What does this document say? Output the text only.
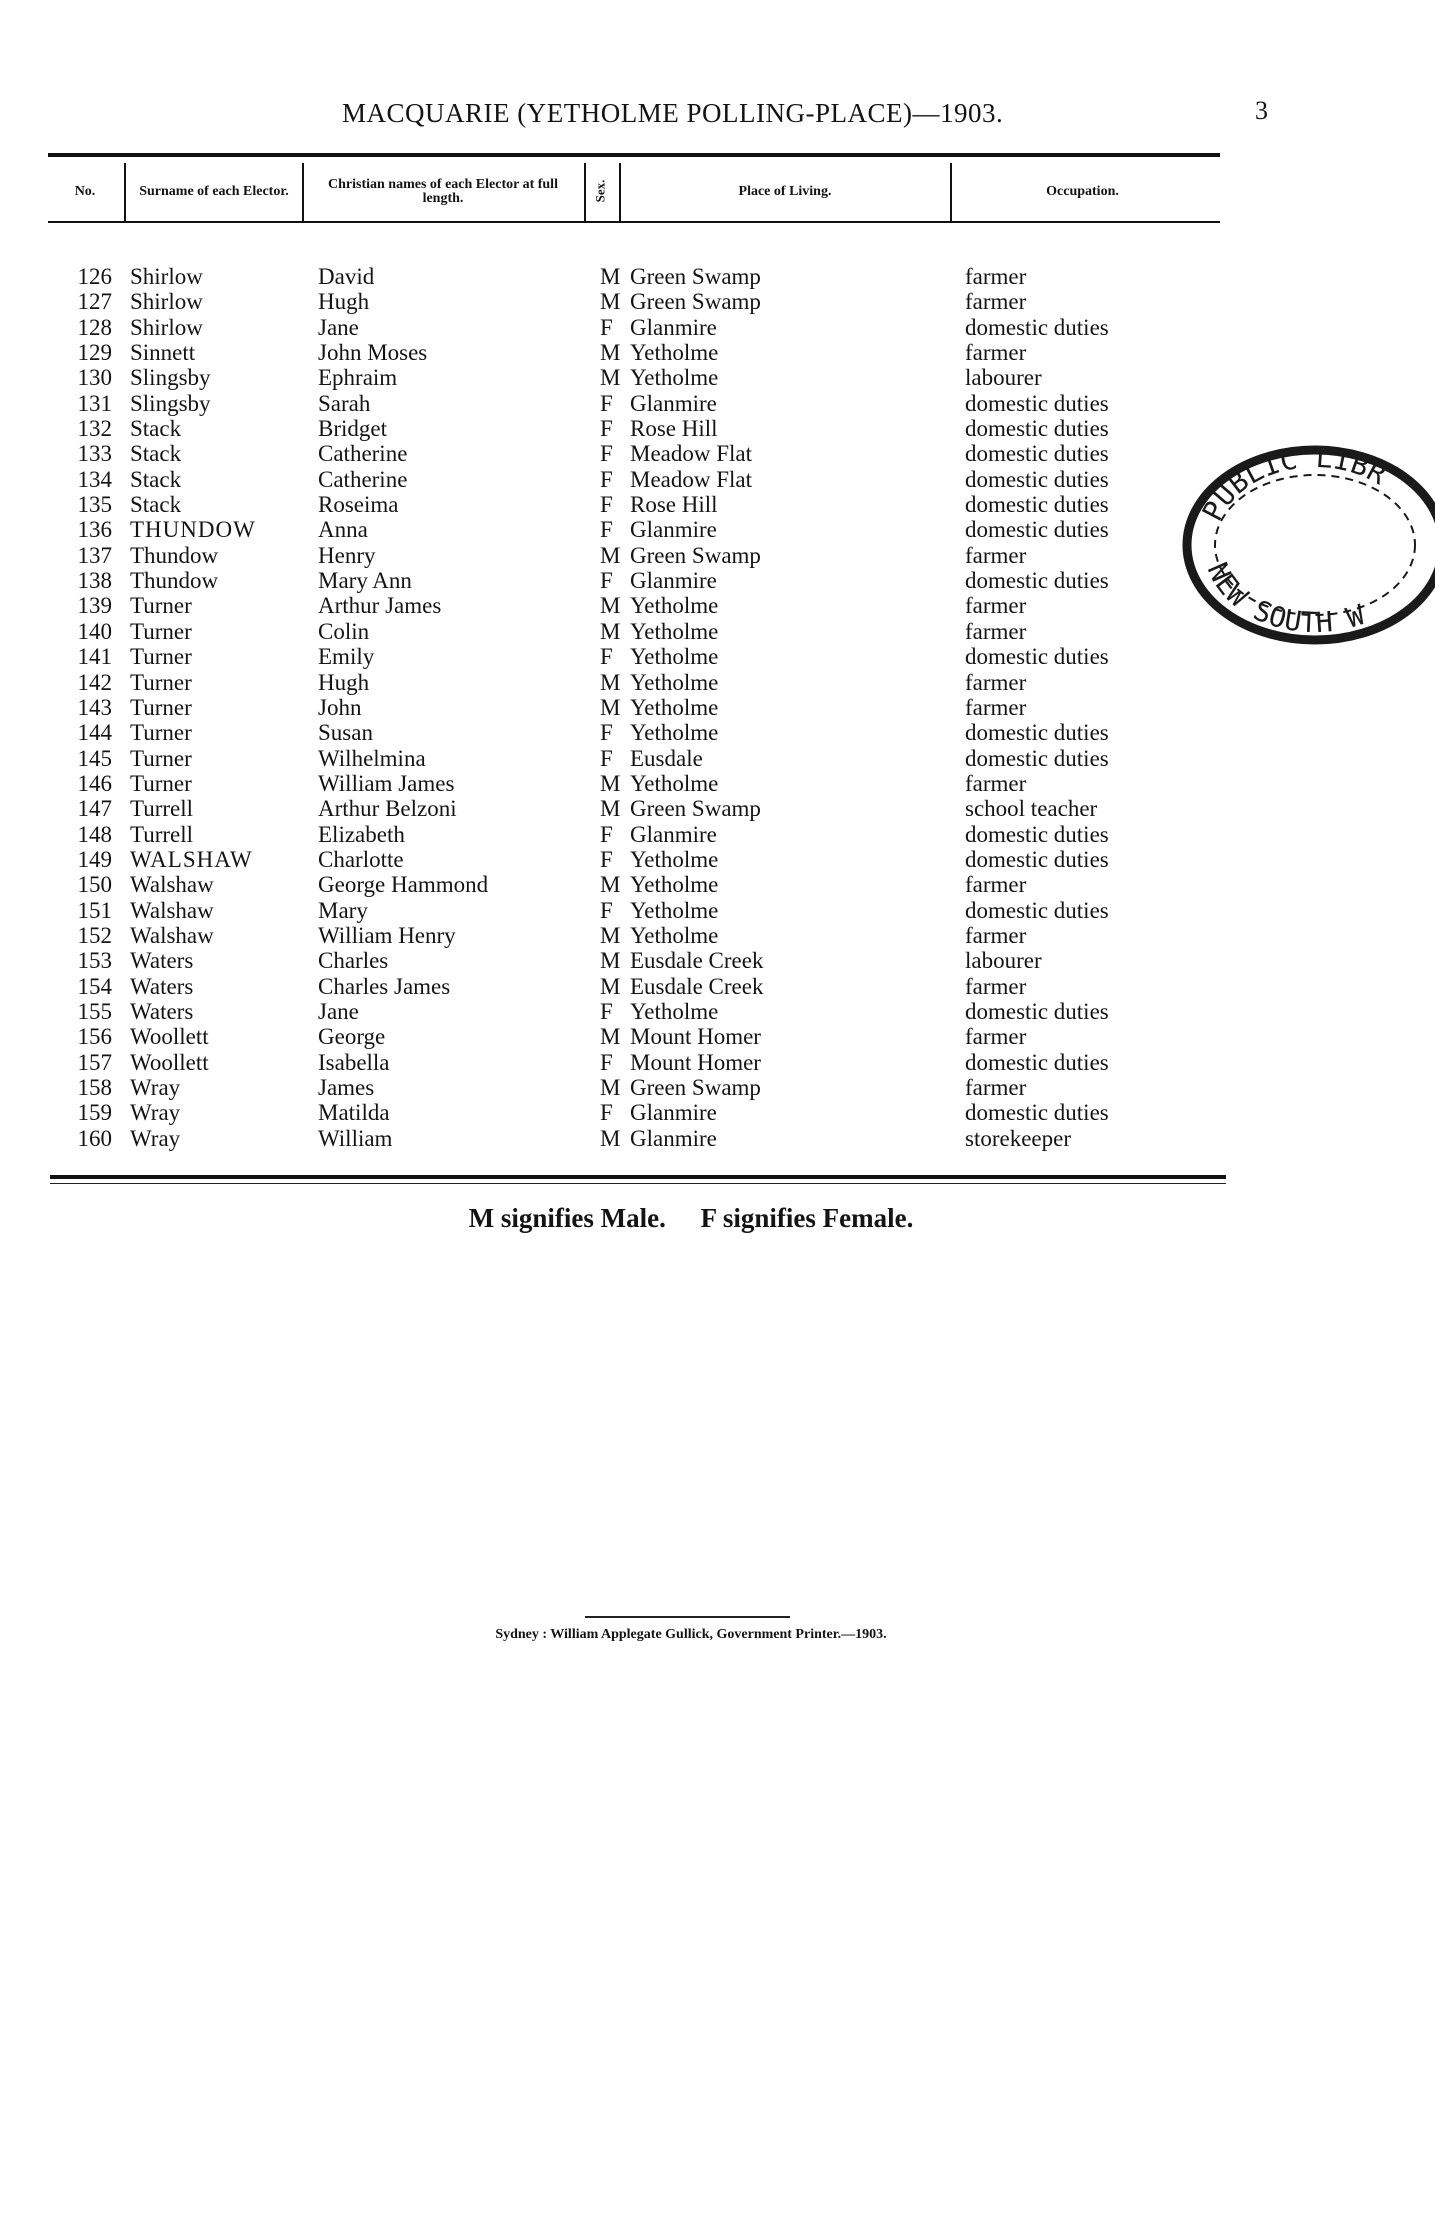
MACQUARIE (YETHOLME POLLING-PLACE)—1903.	3
No.	Surname of each Elector.	Christian names of each Elector at full length.	Sex.	Place of Living.	Occupation.
126 Shirlow	David	M Green Swamp	farmer
127 Shirlow	Hugh	M Green Swamp	farmer
128 Shirlow	Jane	F Glanmire	domestic duties
129 Sinnett	John Moses	M Yetholme	farmer
130 Slingsby	Ephraim	M Yetholme	labourer
131 Slingsby	Sarah	F Glanmire	domestic duties
132 Stack	Bridget	F Rose Hill	domestic duties
133 Stack	Catherine	F Meadow Flat	domestic duties
134 Stack	Catherine	F Meadow Flat	domestic duties
135 Stack	Roseima	F Rose Hill	domestic duties
136 THUNDOW	Anna	F Glanmire	domestic duties
137 Thundow	Henry	M Green Swamp	farmer
138 Thundow	Mary Ann	F Glanmire	domestic duties
139 Turner	Arthur James	M Yetholme	farmer
140 Turner	Colin	M Yetholme	farmer
141 Turner	Emily	F Yetholme	domestic duties
142 Turner	Hugh	M Yetholme	farmer
143 Turner	John	M Yetholme	farmer
144 Turner	Susan	F Yetholme	domestic duties
145 Turner	Wilhelmina	F Eusdale	domestic duties
146 Turner	William James	M Yetholme	farmer
147 Turrell	Arthur Belzoni	M Green Swamp	school teacher
148 Turrell	Elizabeth	F Glanmire	domestic duties
149 WALSHAW	Charlotte	F Yetholme	domestic duties
150 Walshaw	George Hammond	M Yetholme	farmer
151 Walshaw	Mary	F Yetholme	domestic duties
152 Walshaw	William Henry	M Yetholme	farmer
153 Waters	Charles	M Eusdale Creek	labourer
154 Waters	Charles James	M Eusdale Creek	farmer
155 Waters	Jane	F Yetholme	domestic duties
156 Woollett	George	M Mount Homer	farmer
157 Woollett	Isabella	F Mount Homer	domestic duties
158 Wray	James	M Green Swamp	farmer
159 Wray	Matilda	F Glanmire	domestic duties
160 Wray	William	M Glanmire	storekeeper
M signifies Male. F signifies Female.
Sydney : William Applegate Gullick, Government Printer.—1903.
PUBLIC LIBR
NEW SOUTH W
